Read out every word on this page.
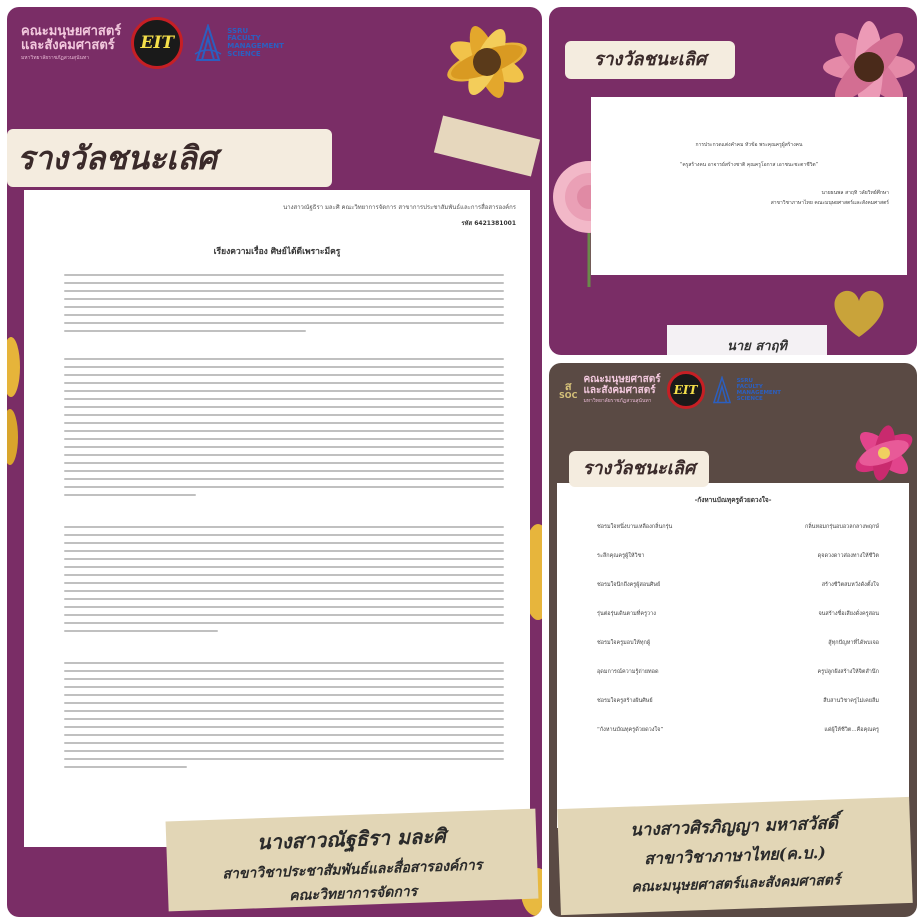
คณะมนุษยศาสตร์
และสังคมศาสตร์
มหาวิทยาลัยราชภัฏสวนสุนันทา
EIT
SSRU
FACULTY
MANAGEMENT
SCIENCE
รางวัลชนะเลิศ
นางสาวณัฐธิรา มละศิ คณะวิทยาการจัดการ สาขาการประชาสัมพันธ์และการสื่อสารองค์กร
รหัส 6421381001
เรียงความเรื่อง ศิษย์ได้ดีเพราะมีครู
นางสาวณัฐธิรา มละศิ
สาขาวิชาประชาสัมพันธ์และสื่อสารองค์การ
คณะวิทยาการจัดการ
รางวัลชนะเลิศ
การประกวดแต่งคำคม หัวข้อ พระคุณครูผู้สร้างคน
“ครูสร้างคน อาจารย์สร้างชาติ คุณครูโอกาส เอาชนะชะตาชีวิต”
นายธนพล สาฤทิ วลัยวิทย์ศึกษา
สาขาวิชาภาษาไทย คณะมนุษยศาสตร์และสังคมศาสตร์
นาย สาฤทิ
ส
SOC
คณะมนุษยศาสตร์
และสังคมศาสตร์
มหาวิทยาลัยราชภัฏสวนสุนันทา
EIT
SSRU
FACULTY
MANAGEMENT
SCIENCE
-กังหานบัณทุครูด้วยดวงใจ-
ช่อรมใจหนึ่งบานเหลืองกลิ่นกรุ่น	กลิ่นหอมกรุ่นอบอวลกลางพฤกษ์
ระลึกคุณครูผู้ให้วิชา	ดุจดวงดาวส่องทางให้ชีวิต
ช่อรมใจนึกถึงครูผู้สอนศิษย์	สร้างชีวิตสมหวังดังตั้งใจ
รุ่นต่อรุ่นเดินตามที่ครูวาง	จนสร้างชื่อเสียงดั่งครูสอน
ช่อรมใจครูมอบให้ทุกผู้	สู้ทุกปัญหาที่ได้พบเจอ
อุดมการณ์ความรู้ถ่ายทอด	ครูปลูกฝังสร้างให้จิตสำนึก
ช่อรมใจครูสร้างฝันศิษย์	สืบสานวิชาครูไม่เคยลืม
“กังหานบัณทุครูด้วยดวงใจ”	แด่ผู้ให้ชีวิต...คือคุณครู
รางวัลชนะเลิศ
นางสาวศิรภิญญา มหาสวัสดิ์
สาขาวิชาภาษาไทย(ค.บ.)
คณะมนุษยศาสตร์และสังคมศาสตร์
